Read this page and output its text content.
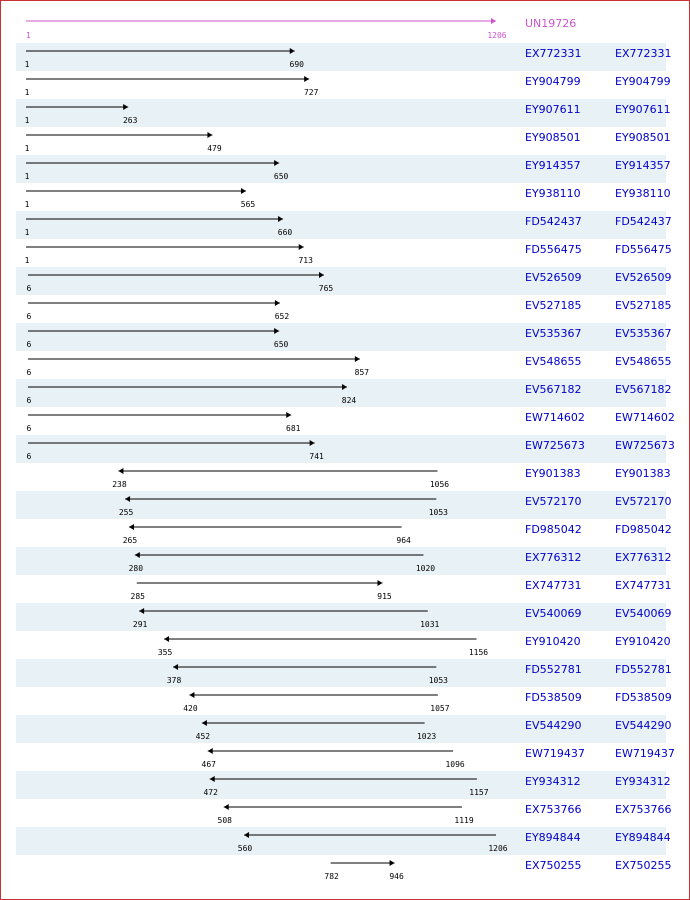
1	1206
UN19726
1	690
EX772331	EX772331
1	727
EY904799	EY904799
1	263
EY907611	EY907611
1	479
EY908501	EY908501
1	650
EY914357	EY914357
1	565
EY938110	EY938110
1	660
FD542437	FD542437
1	713
FD556475	FD556475
6	765
EV526509	EV526509
6	652
EV527185	EV527185
6	650
EV535367	EV535367
6	857
EV548655	EV548655
6	824
EV567182	EV567182
6	681
EW714602	EW714602
6	741
EW725673	EW725673
238	1056
EY901383	EY901383
255	1053
EV572170	EV572170
265	964
FD985042	FD985042
280	1020
EX776312	EX776312
285	915
EX747731	EX747731
291	1031
EV540069	EV540069
355	1156
EY910420	EY910420
378	1053
FD552781	FD552781
420	1057
FD538509	FD538509
452	1023
EV544290	EV544290
467	1096
EW719437	EW719437
472	1157
EY934312	EY934312
508	1119
EX753766	EX753766
560	1206
EY894844	EY894844
782	946
EX750255	EX750255
